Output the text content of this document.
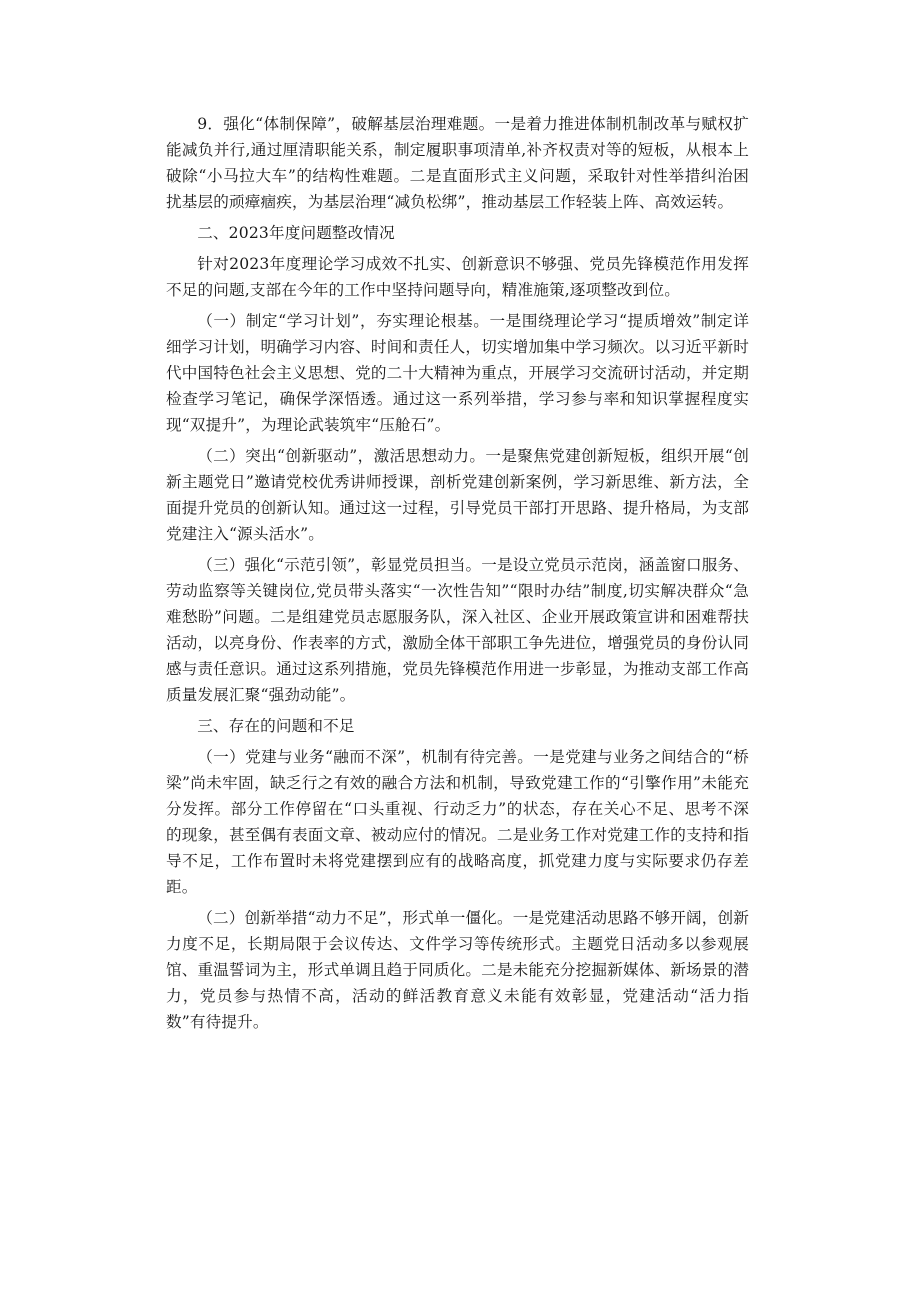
9．强化“体制保障”，破解基层治理难题。一是着力推进体制机制改革与赋权扩能减负并行,通过厘清职能关系，制定履职事项清单,补齐权责对等的短板，从根本上破除“小马拉大车”的结构性难题。二是直面形式主义问题，采取针对性举措纠治困扰基层的顽瘴痼疾，为基层治理“减负松绑”，推动基层工作轻装上阵、高效运转。

二、2023年度问题整改情况

针对2023年度理论学习成效不扎实、创新意识不够强、党员先锋模范作用发挥不足的问题,支部在今年的工作中坚持问题导向，精准施策,逐项整改到位。

（一）制定“学习计划”，夯实理论根基。一是围绕理论学习“提质增效”制定详细学习计划，明确学习内容、时间和责任人，切实增加集中学习频次。以习近平新时代中国特色社会主义思想、党的二十大精神为重点，开展学习交流研讨活动，并定期检查学习笔记，确保学深悟透。通过这一系列举措，学习参与率和知识掌握程度实现“双提升”，为理论武装筑牢“压舱石”。

（二）突出“创新驱动”，激活思想动力。一是聚焦党建创新短板，组织开展“创新主题党日”邀请党校优秀讲师授课，剖析党建创新案例，学习新思维、新方法，全面提升党员的创新认知。通过这一过程，引导党员干部打开思路、提升格局，为支部党建注入“源头活水”。

（三）强化“示范引领”，彰显党员担当。一是设立党员示范岗，涵盖窗口服务、劳动监察等关键岗位,党员带头落实“一次性告知”“限时办结”制度,切实解决群众“急难愁盼”问题。二是组建党员志愿服务队，深入社区、企业开展政策宣讲和困难帮扶活动，以亮身份、作表率的方式，激励全体干部职工争先进位，增强党员的身份认同感与责任意识。通过这系列措施，党员先锋模范作用进一步彰显，为推动支部工作高质量发展汇聚“强劲动能”。

三、存在的问题和不足

（一）党建与业务“融而不深”，机制有待完善。一是党建与业务之间结合的“桥梁”尚未牢固，缺乏行之有效的融合方法和机制，导致党建工作的“引擎作用”未能充分发挥。部分工作停留在“口头重视、行动乏力”的状态，存在关心不足、思考不深的现象，甚至偶有表面文章、被动应付的情况。二是业务工作对党建工作的支持和指导不足，工作布置时未将党建摆到应有的战略高度，抓党建力度与实际要求仍存差距。

（二）创新举措“动力不足”，形式单一僵化。一是党建活动思路不够开阔，创新力度不足，长期局限于会议传达、文件学习等传统形式。主题党日活动多以参观展馆、重温誓词为主，形式单调且趋于同质化。二是未能充分挖掘新媒体、新场景的潜力，党员参与热情不高，活动的鲜活教育意义未能有效彰显，党建活动“活力指数”有待提升。
